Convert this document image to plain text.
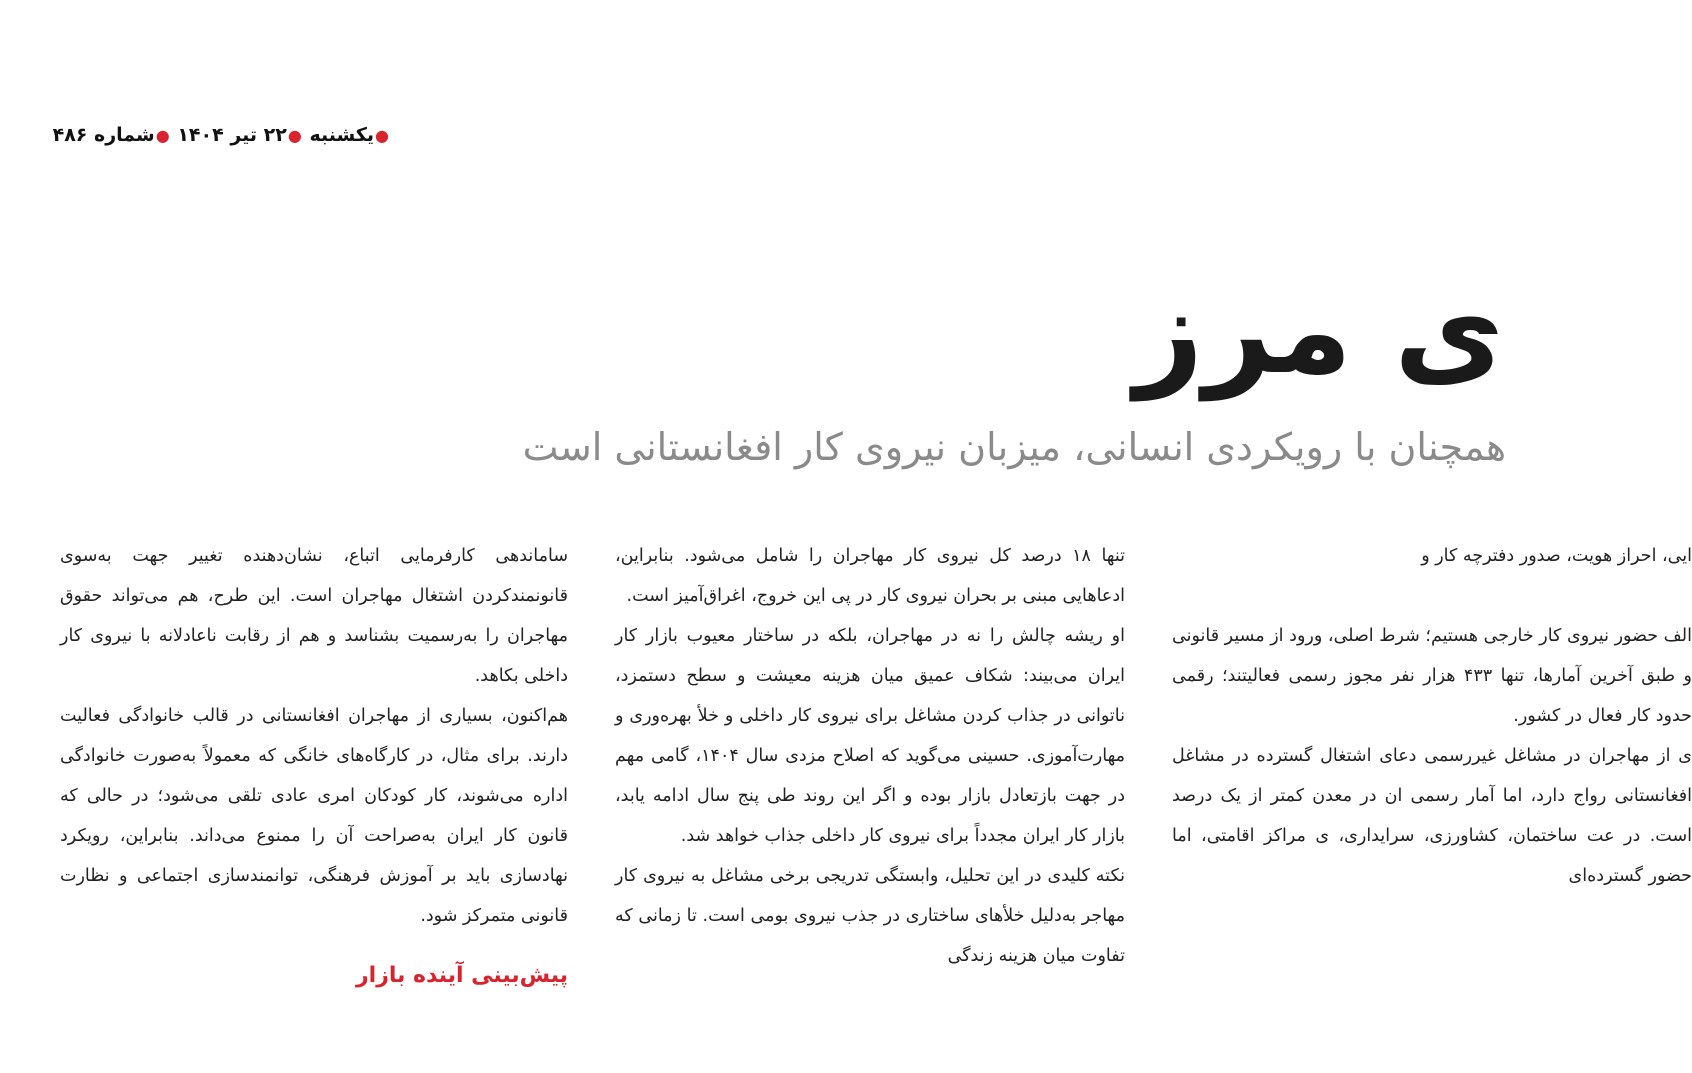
●یکشنبه ●۲۲ تیر ۱۴۰۴ ●شماره ۴۸۶
ی مرز
همچنان با رویکردی انسانی، میزبان نیروی کار افغانستانی است

ساماندهی کارفرمایی اتباع، نشان‌دهنده تغییر جهت به‌سوی قانونمندکردن اشتغال مهاجران است. این طرح، هم می‌تواند حقوق مهاجران را به‌رسمیت بشناسد و هم از رقابت ناعادلانه با نیروی کار داخلی بکاهد.

هم‌اکنون، بسیاری از مهاجران افغانستانی در قالب خانوادگی فعالیت دارند. برای مثال، در کارگاه‌های خانگی که معمولاً به‌صورت خانوادگی اداره می‌شوند، کار کودکان امری عادی تلقی می‌شود؛ در حالی که قانون کار ایران به‌صراحت آن را ممنوع می‌داند. بنابراین، رویکرد نهادسازی باید بر آموزش فرهنگی، توانمندسازی اجتماعی و نظارت قانونی متمرکز شود.

پیش‌بینی آینده بازار

تنها ۱۸ درصد کل نیروی کار مهاجران را شامل می‌شود. بنابراین، ادعاهایی مبنی بر بحران نیروی کار در پی این خروج، اغراق‌آمیز است.

او ریشه چالش را نه در مهاجران، بلکه در ساختار معیوب بازار کار ایران می‌بیند: شکاف عمیق میان هزینه معیشت و سطح دستمزد، ناتوانی در جذاب کردن مشاغل برای نیروی کار داخلی و خلأ بهره‌وری و مهارت‌آموزی. حسینی می‌گوید که اصلاح مزدی سال ۱۴۰۴، گامی مهم در جهت بازتعادل بازار بوده و اگر این روند طی پنج سال ادامه یابد، بازار کار ایران مجدداً برای نیروی کار داخلی جذاب خواهد شد.

نکته کلیدی در این تحلیل، وابستگی تدریجی برخی مشاغل به نیروی کار مهاجر به‌دلیل خلأهای ساختاری در جذب نیروی بومی است. تا زمانی که تفاوت میان هزینه زندگی

ایی، احراز هویت، صدور دفترچه کار و

الف حضور نیروی کار خارجی هستیم؛ شرط اصلی، ورود از مسیر قانونی و طبق آخرین آمارها، تنها ۴۳۳ هزار نفر مجوز رسمی فعالیتند؛ رقمی حدود کار فعال در کشور.

ی از مهاجران در مشاغل غیررسمی دعای اشتغال گسترده در مشاغل افغانستانی رواج دارد، اما آمار رسمی ان در معدن کمتر از یک درصد است. در عت ساختمان، کشاورزی، سرایداری، ی مراکز اقامتی، اما حضور گسترده‌ای
